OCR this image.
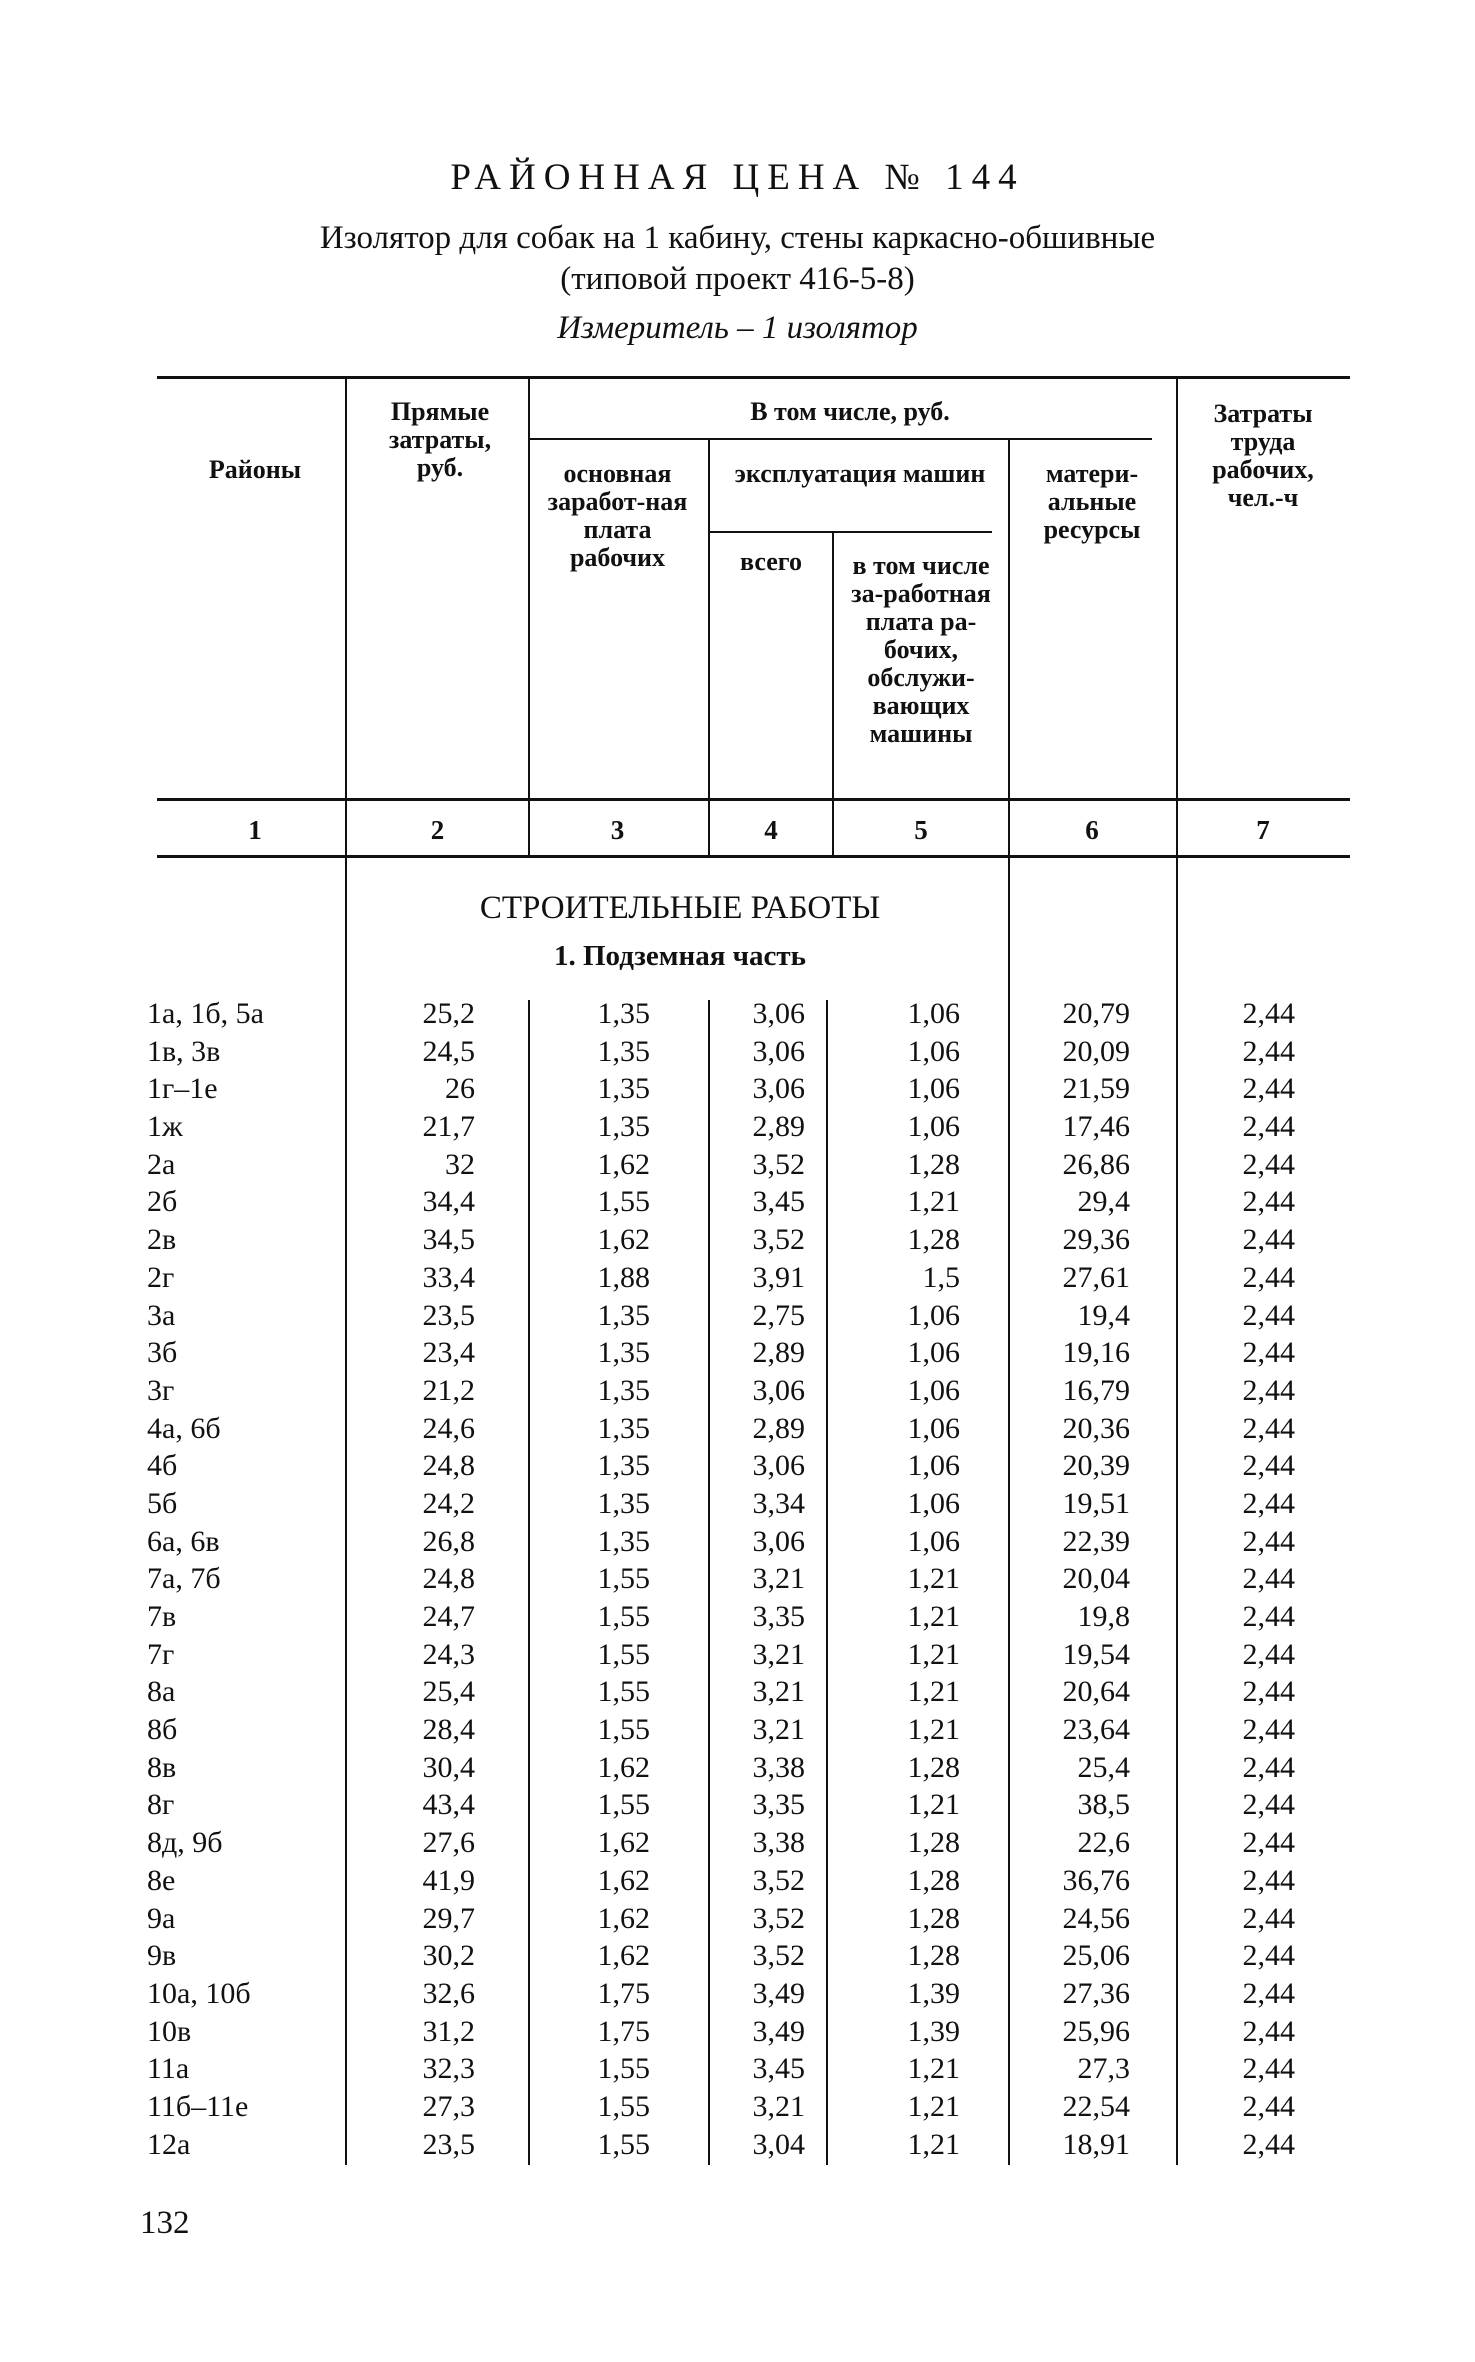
РАЙОННАЯ ЦЕНА № 144
Изолятор для собак на 1 кабину, стены каркасно-обшивные
(типовой проект 416-5-8)
Измеритель – 1 изолятор
Районы
Прямые затраты, руб.
В том числе, руб.
основная заработ-ная плата рабочих
эксплуатация машин
всего	в том числе за-работная плата ра-бочих, обслужи-вающих машины
матери-альные ресурсы
Затраты труда рабочих, чел.-ч
1	2	3	4	5	6	7
СТРОИТЕЛЬНЫЕ РАБОТЫ
1. Подземная часть
1а, 1б, 5а	25,2	1,35	3,06	1,06	20,79	2,44
1в, 3в	24,5	1,35	3,06	1,06	20,09	2,44
1г–1е	26	1,35	3,06	1,06	21,59	2,44
1ж	21,7	1,35	2,89	1,06	17,46	2,44
2а	32	1,62	3,52	1,28	26,86	2,44
2б	34,4	1,55	3,45	1,21	29,4	2,44
2в	34,5	1,62	3,52	1,28	29,36	2,44
2г	33,4	1,88	3,91	1,5	27,61	2,44
3а	23,5	1,35	2,75	1,06	19,4	2,44
3б	23,4	1,35	2,89	1,06	19,16	2,44
3г	21,2	1,35	3,06	1,06	16,79	2,44
4а, 6б	24,6	1,35	2,89	1,06	20,36	2,44
4б	24,8	1,35	3,06	1,06	20,39	2,44
5б	24,2	1,35	3,34	1,06	19,51	2,44
6а, 6в	26,8	1,35	3,06	1,06	22,39	2,44
7а, 7б	24,8	1,55	3,21	1,21	20,04	2,44
7в	24,7	1,55	3,35	1,21	19,8	2,44
7г	24,3	1,55	3,21	1,21	19,54	2,44
8а	25,4	1,55	3,21	1,21	20,64	2,44
8б	28,4	1,55	3,21	1,21	23,64	2,44
8в	30,4	1,62	3,38	1,28	25,4	2,44
8г	43,4	1,55	3,35	1,21	38,5	2,44
8д, 9б	27,6	1,62	3,38	1,28	22,6	2,44
8е	41,9	1,62	3,52	1,28	36,76	2,44
9а	29,7	1,62	3,52	1,28	24,56	2,44
9в	30,2	1,62	3,52	1,28	25,06	2,44
10а, 10б	32,6	1,75	3,49	1,39	27,36	2,44
10в	31,2	1,75	3,49	1,39	25,96	2,44
11а	32,3	1,55	3,45	1,21	27,3	2,44
11б–11е	27,3	1,55	3,21	1,21	22,54	2,44
12а	23,5	1,55	3,04	1,21	18,91	2,44
132
